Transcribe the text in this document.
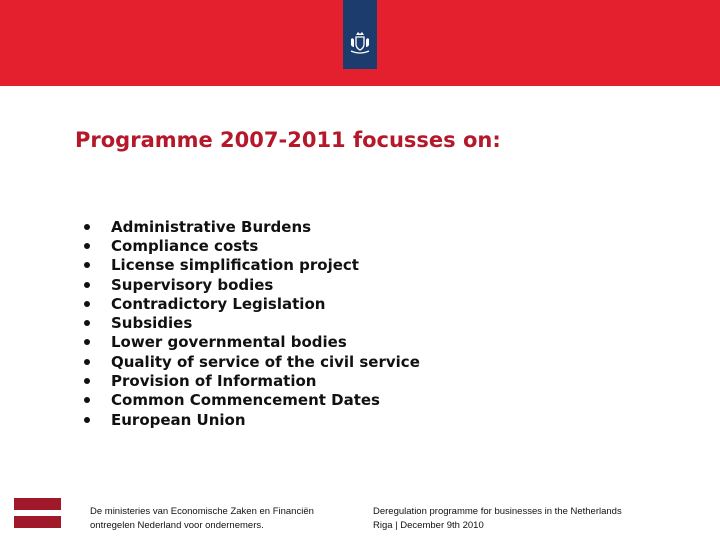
Programme 2007-2011 focusses on:
Administrative Burdens
Compliance costs
License simplification project
Supervisory bodies
Contradictory Legislation
Subsidies
Lower governmental bodies
Quality of service of the civil service
Provision of Information
Common Commencement Dates
European Union
De ministeries van Economische Zaken en Financiën
ontregelen Nederland voor ondernemers.
Deregulation programme for businesses in the Netherlands
Riga | December 9th 2010
